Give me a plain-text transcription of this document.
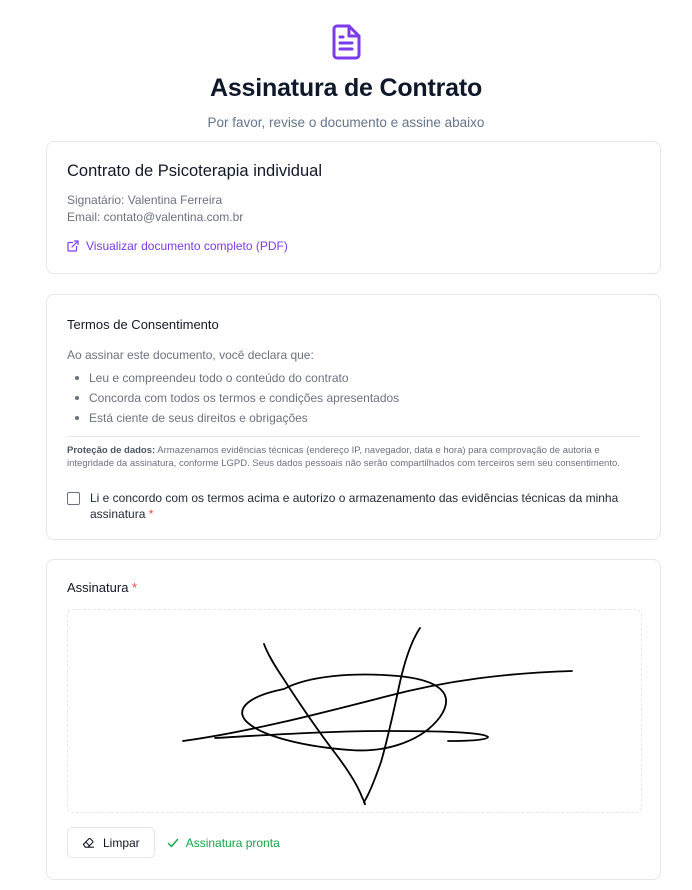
Assinatura de Contrato

Por favor, revise o documento e assine abaixo

Contrato de Psicoterapia individual

Signatário: Valentina Ferreira

Email: contato@valentina.com.br

Visualizar documento completo (PDF)
Termos de Consentimento

Ao assinar este documento, você declara que:

Leu e compreendeu todo o conteúdo do contrato
Concorda com todos os termos e condições apresentados
Está ciente de seus direitos e obrigações

Proteção de dados: Armazenamos evidências técnicas (endereço IP, navegador, data e hora) para comprovação de autoria e integridade da assinatura, conforme LGPD. Seus dados pessoais não serão compartilhados com terceiros sem seu consentimento.

Li e concordo com os termos acima e autorizo o armazenamento das evidências técnicas da minha assinatura *

Assinatura *
Limpar	Assinatura pronta
